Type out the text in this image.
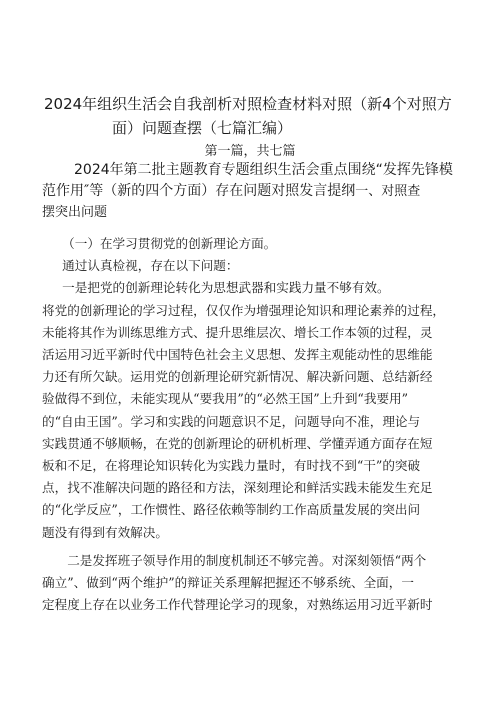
2024年组织生活会自我剖析对照检查材料对照（新4个对照方
面）问题查摆（七篇汇编）
第一篇，共七篇
2024年第二批主题教育专题组织生活会重点围绕“发挥先锋模
范作用″等（新的四个方面）存在问题对照发言提纲一、对照查
摆突出问题

（一）在学习贯彻党的创新理论方面。

通过认真检视，存在以下问题：

一是把党的创新理论转化为思想武器和实践力量不够有效。

将党的创新理论的学习过程，仅仅作为增强理论知识和理论素养的过程，
未能将其作为训练思维方式、提升思维层次、增长工作本领的过程，灵
活运用习近平新时代中国特色社会主义思想、发挥主观能动性的思维能
力还有所欠缺。运用党的创新理论研究新情况、解决新问题、总结新经
验做得不到位，未能实现从“要我用”的“必然王国”上升到“我要用”
的“自由王国”。学习和实践的问题意识不足，问题导向不准，理论与
实践贯通不够顺畅，在党的创新理论的研机析理、学懂弄通方面存在短
板和不足，在将理论知识转化为实践力量时，有时找不到“干”的突破
点，找不准解决问题的路径和方法，深刻理论和鲜活实践未能发生充足
的“化学反应”，工作惯性、路径依赖等制约工作高质量发展的突出问
题没有得到有效解决。
二是发挥班子领导作用的制度机制还不够完善。对深刻领悟“两个
确立”、做到“两个维护”的辩证关系理解把握还不够系统、全面，一
定程度上存在以业务工作代替理论学习的现象，对熟练运用习近平新时
